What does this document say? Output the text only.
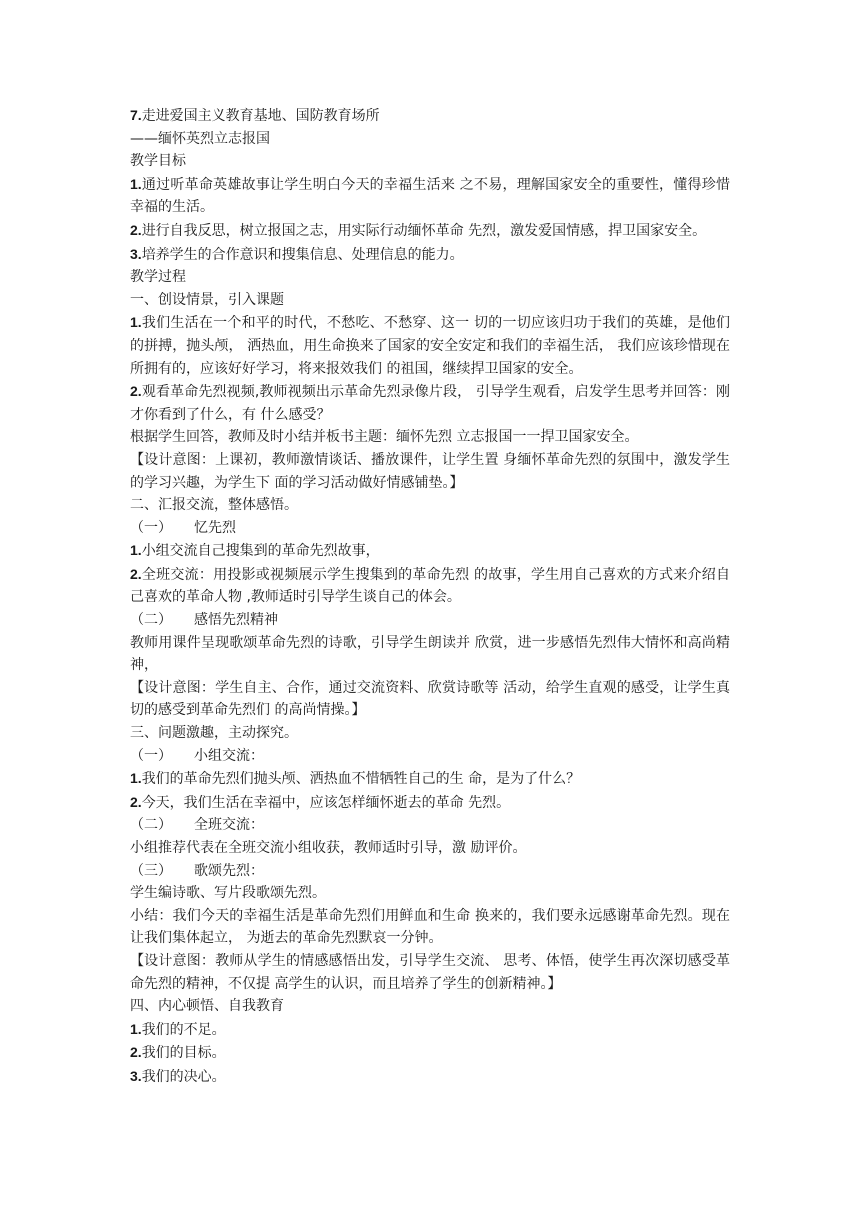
7.走进爱国主义教育基地、国防教育场所

——缅怀英烈立志报国

教学目标

1.通过听革命英雄故事让学生明白今天的幸福生活来 之不易，理解国家安全的重要性，懂得珍惜幸福的生活。

2.进行自我反思，树立报国之志，用实际行动缅怀革命 先烈，激发爱国情感，捍卫国家安全。

3.培养学生的合作意识和搜集信息、处理信息的能力。

教学过程

一、创设情景，引入课题

1.我们生活在一个和平的时代，不愁吃、不愁穿、这一 切的一切应该归功于我们的英雄，是他们的拼搏，抛头颅， 洒热血，用生命换来了国家的安全安定和我们的幸福生活， 我们应该珍惜现在所拥有的，应该好好学习，将来报效我们 的祖国，继续捍卫国家的安全。

2.观看革命先烈视频,教师视频出示革命先烈录像片段， 引导学生观看，启发学生思考并回答：刚才你看到了什么，有 什么感受？

根据学生回答，教师及时小结并板书主题：缅怀先烈 立志报国一一捍卫国家安全。

【设计意图：上课初，教师激情谈话、播放课件，让学生置 身缅怀革命先烈的氛围中，激发学生的学习兴趣，为学生下 面的学习活动做好情感铺垫。】

二、汇报交流，整体感悟。

（一） 忆先烈

1.小组交流自己搜集到的革命先烈故事，

2.全班交流：用投影或视频展示学生搜集到的革命先烈 的故事，学生用自己喜欢的方式来介绍自己喜欢的革命人物 ,教师适时引导学生谈自己的体会。

（二） 感悟先烈精神

教师用课件呈现歌颂革命先烈的诗歌，引导学生朗读并 欣赏，进一步感悟先烈伟大情怀和高尚精神，

【设计意图：学生自主、合作，通过交流资料、欣赏诗歌等 活动，给学生直观的感受，让学生真切的感受到革命先烈们 的高尚情操。】

三、问题激趣，主动探究。

（一） 小组交流：

1.我们的革命先烈们抛头颅、洒热血不惜牺牲自己的生 命，是为了什么？

2.今天，我们生活在幸福中，应该怎样缅怀逝去的革命 先烈。

（二） 全班交流：

小组推荐代表在全班交流小组收获，教师适时引导，激 励评价。

（三） 歌颂先烈：

学生编诗歌、写片段歌颂先烈。

小结：我们今天的幸福生活是革命先烈们用鲜血和生命 换来的，我们要永远感谢革命先烈。现在让我们集体起立， 为逝去的革命先烈默哀一分钟。

【设计意图：教师从学生的情感感悟出发，引导学生交流、 思考、体悟，使学生再次深切感受革命先烈的精神，不仅提 高学生的认识，而且培养了学生的创新精神。】

四、内心顿悟、自我教育

1.我们的不足。

2.我们的目标。

3.我们的决心。
